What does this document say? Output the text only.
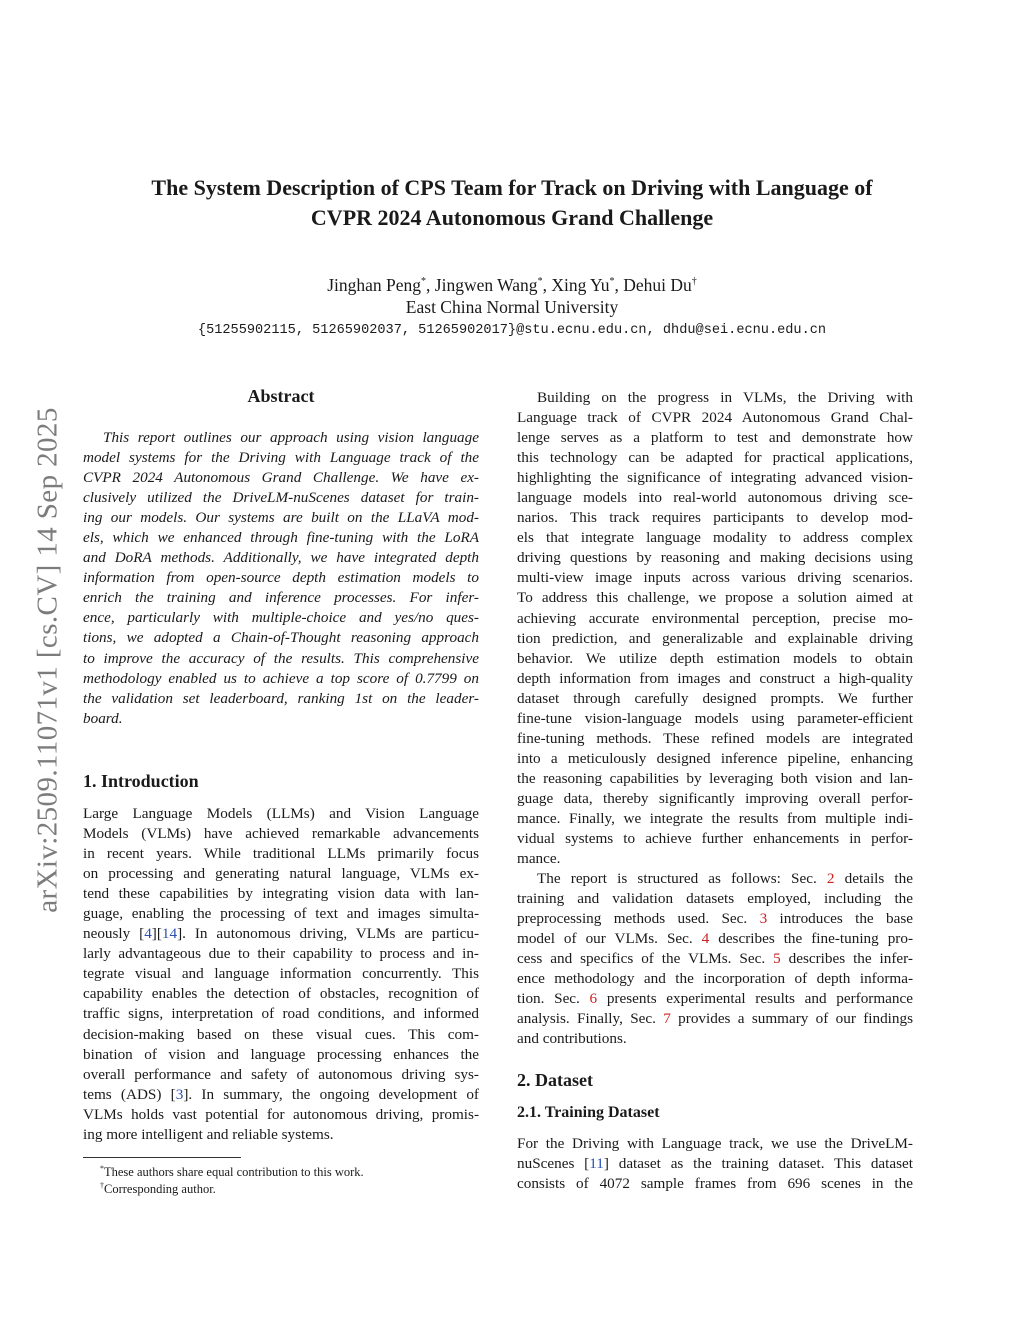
The System Description of CPS Team for Track on Driving with Language of
CVPR 2024 Autonomous Grand Challenge
Jinghan Peng*, Jingwen Wang*, Xing Yu*, Dehui Du†
East China Normal University
{51255902115, 51265902037, 51265902017}@stu.ecnu.edu.cn, dhdu@sei.ecnu.edu.cn
arXiv:2509.11071v1 [cs.CV] 14 Sep 2025
Abstract
This report outlines our approach using vision language
model systems for the Driving with Language track of the
CVPR 2024 Autonomous Grand Challenge. We have ex-
clusively utilized the DriveLM-nuScenes dataset for train-
ing our models. Our systems are built on the LLaVA mod-
els, which we enhanced through fine-tuning with the LoRA
and DoRA methods. Additionally, we have integrated depth
information from open-source depth estimation models to
enrich the training and inference processes. For infer-
ence, particularly with multiple-choice and yes/no ques-
tions, we adopted a Chain-of-Thought reasoning approach
to improve the accuracy of the results. This comprehensive
methodology enabled us to achieve a top score of 0.7799 on
the validation set leaderboard, ranking 1st on the leader-
board.
1. Introduction
Large Language Models (LLMs) and Vision Language
Models (VLMs) have achieved remarkable advancements
in recent years. While traditional LLMs primarily focus
on processing and generating natural language, VLMs ex-
tend these capabilities by integrating vision data with lan-
guage, enabling the processing of text and images simulta-
neously [4][14]. In autonomous driving, VLMs are particu-
larly advantageous due to their capability to process and in-
tegrate visual and language information concurrently. This
capability enables the detection of obstacles, recognition of
traffic signs, interpretation of road conditions, and informed
decision-making based on these visual cues. This com-
bination of vision and language processing enhances the
overall performance and safety of autonomous driving sys-
tems (ADS) [3]. In summary, the ongoing development of
VLMs holds vast potential for autonomous driving, promis-
ing more intelligent and reliable systems.
*These authors share equal contribution to this work.
†Corresponding author.
Building on the progress in VLMs, the Driving with
Language track of CVPR 2024 Autonomous Grand Chal-
lenge serves as a platform to test and demonstrate how
this technology can be adapted for practical applications,
highlighting the significance of integrating advanced vision-
language models into real-world autonomous driving sce-
narios. This track requires participants to develop mod-
els that integrate language modality to address complex
driving questions by reasoning and making decisions using
multi-view image inputs across various driving scenarios.
To address this challenge, we propose a solution aimed at
achieving accurate environmental perception, precise mo-
tion prediction, and generalizable and explainable driving
behavior. We utilize depth estimation models to obtain
depth information from images and construct a high-quality
dataset through carefully designed prompts. We further
fine-tune vision-language models using parameter-efficient
fine-tuning methods. These refined models are integrated
into a meticulously designed inference pipeline, enhancing
the reasoning capabilities by leveraging both vision and lan-
guage data, thereby significantly improving overall perfor-
mance. Finally, we integrate the results from multiple indi-
vidual systems to achieve further enhancements in perfor-
mance.
The report is structured as follows: Sec. 2 details the
training and validation datasets employed, including the
preprocessing methods used. Sec. 3 introduces the base
model of our VLMs. Sec. 4 describes the fine-tuning pro-
cess and specifics of the VLMs. Sec. 5 describes the infer-
ence methodology and the incorporation of depth informa-
tion. Sec. 6 presents experimental results and performance
analysis. Finally, Sec. 7 provides a summary of our findings
and contributions.
2. Dataset
2.1. Training Dataset
For the Driving with Language track, we use the DriveLM-
nuScenes [11] dataset as the training dataset. This dataset
consists of 4072 sample frames from 696 scenes in the
